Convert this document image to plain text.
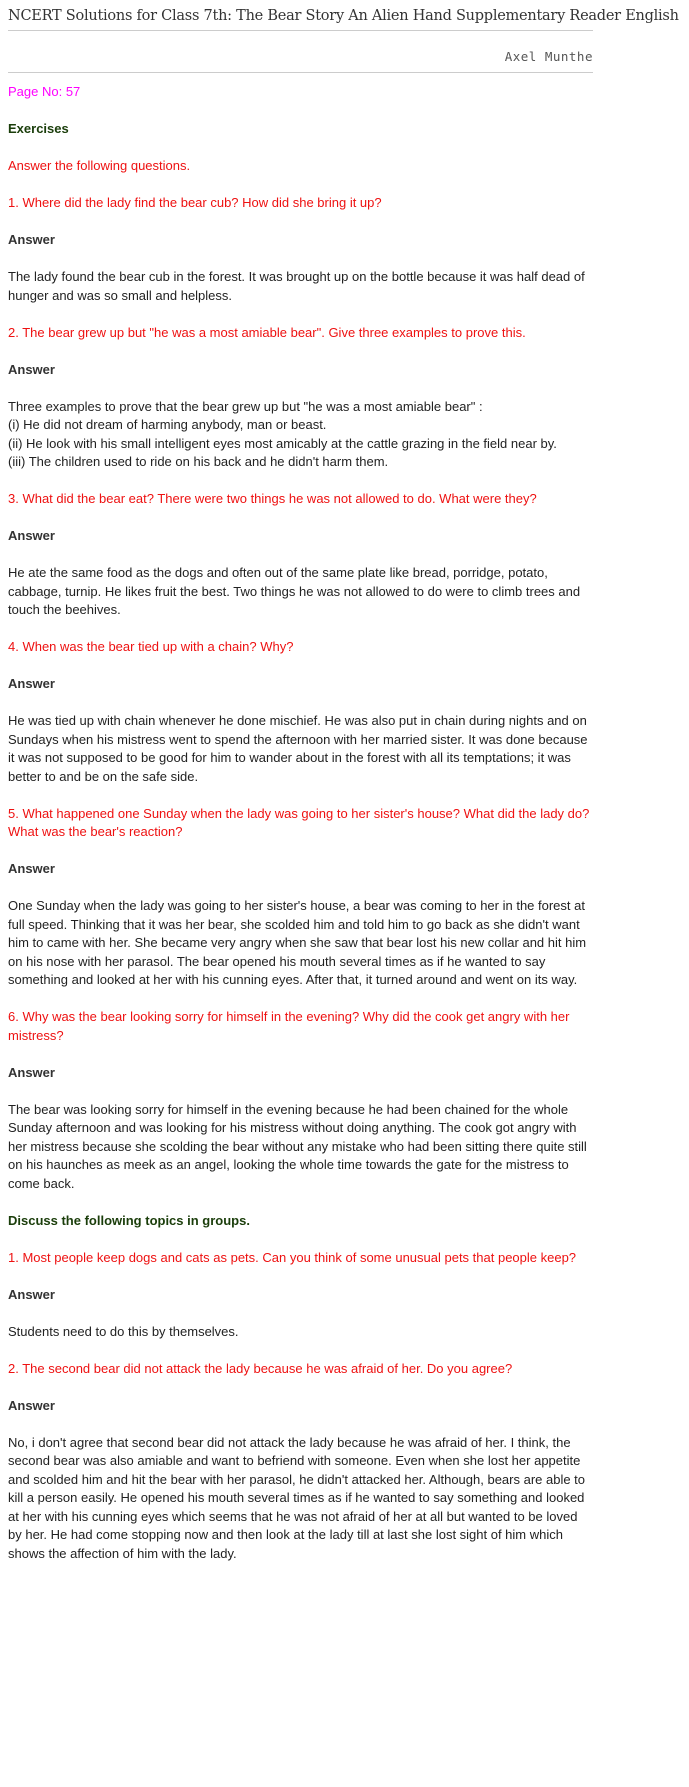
NCERT Solutions for Class 7th: The Bear Story An Alien Hand Supplementary Reader English
Axel Munthe

Page No: 57

Exercises

Answer the following questions.

1. Where did the lady find the bear cub? How did she bring it up?

Answer

The lady found the bear cub in the forest. It was brought up on the bottle because it was half dead of hunger and was so small and helpless.

2. The bear grew up but "he was a most amiable bear". Give three examples to prove this.

Answer

Three examples to prove that the bear grew up but "he was a most amiable bear" :

(i) He did not dream of harming anybody, man or beast.

(ii) He look with his small intelligent eyes most amicably at the cattle grazing in the field near by.

(iii) The children used to ride on his back and he didn't harm them.

3. What did the bear eat? There were two things he was not allowed to do. What were they?

Answer

He ate the same food as the dogs and often out of the same plate like bread, porridge, potato, cabbage, turnip. He likes fruit the best. Two things he was not allowed to do were to climb trees and touch the beehives.

4. When was the bear tied up with a chain? Why?

Answer

He was tied up with chain whenever he done mischief. He was also put in chain during nights and on Sundays when his mistress went to spend the afternoon with her married sister. It was done because it was not supposed to be good for him to wander about in the forest with all its temptations; it was better to and be on the safe side.

5. What happened one Sunday when the lady was going to her sister's house? What did the lady do? What was the bear's reaction?

Answer

One Sunday when the lady was going to her sister's house, a bear was coming to her in the forest at full speed. Thinking that it was her bear, she scolded him and told him to go back as she didn't want him to came with her. She became very angry when she saw that bear lost his new collar and hit him on his nose with her parasol. The bear opened his mouth several times as if he wanted to say something and looked at her with his cunning eyes. After that, it turned around and went on its way.

6. Why was the bear looking sorry for himself in the evening? Why did the cook get angry with her mistress?

Answer

The bear was looking sorry for himself in the evening because he had been chained for the whole Sunday afternoon and was looking for his mistress without doing anything. The cook got angry with her mistress because she scolding the bear without any mistake who had been sitting there quite still on his haunches as meek as an angel, looking the whole time towards the gate for the mistress to come back.

Discuss the following topics in groups.

1. Most people keep dogs and cats as pets. Can you think of some unusual pets that people keep?

Answer

Students need to do this by themselves.

2. The second bear did not attack the lady because he was afraid of her. Do you agree?

Answer

No, i don't agree that second bear did not attack the lady because he was afraid of her. I think, the second bear was also amiable and want to befriend with someone. Even when she lost her appetite and scolded him and hit the bear with her parasol, he didn't attacked her. Although, bears are able to kill a person easily. He opened his mouth several times as if he wanted to say something and looked at her with his cunning eyes which seems that he was not afraid of her at all but wanted to be loved by her. He had come stopping now and then look at the lady till at last she lost sight of him which shows the affection of him with the lady.
